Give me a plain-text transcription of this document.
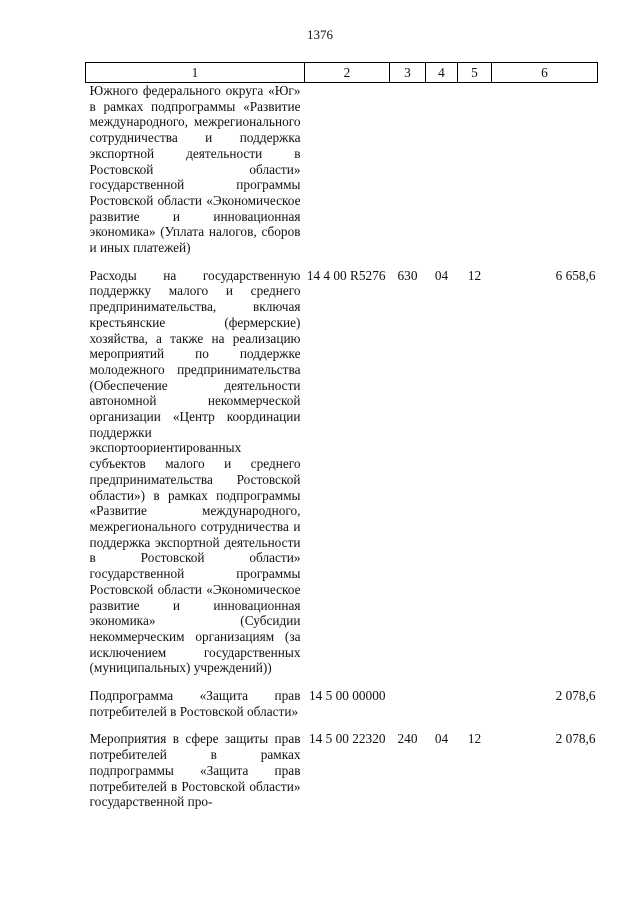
1376
1	2	3	4	5	6
Южного федерального округа «Юг» в рамках подпрограммы «Развитие международного, межрегионального сотрудничества и поддержка экспортной деятельности в Ростовской области» государственной программы Ростовской области «Экономическое развитие и инновационная экономика» (Уплата налогов, сборов и иных платежей)					
Расходы на государственную поддержку малого и среднего предпринимательства, включая крестьянские (фермерские) хозяйства, а также на реализацию мероприятий по поддержке молодежного предпринимательства (Обеспечение деятельности автономной некоммерческой организации «Центр координации поддержки экспортоориентированных субъектов малого и среднего предпринимательства Ростовской области») в рамках подпрограммы «Развитие международного, межрегионального сотрудничества и поддержка экспортной деятельности в Ростовской области» государственной программы Ростовской области «Экономическое развитие и инновационная экономика» (Субсидии некоммерческим организациям (за исключением государственных (муниципальных) учреждений))	14 4 00 R5276	630	04	12	6 658,6
Подпрограмма «Защита прав потребителей в Ростовской области»	14 5 00 00000				2 078,6
Мероприятия в сфере защиты прав потребителей в рамках подпрограммы «Защита прав потребителей в Ростовской области» государственной про-	14 5 00 22320	240	04	12	2 078,6
